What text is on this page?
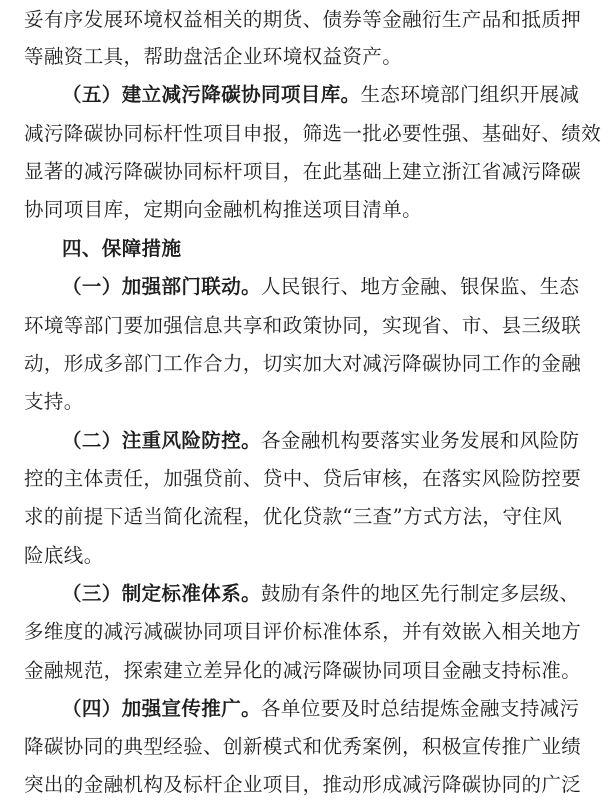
妥有序发展环境权益相关的期货、债券等金融衍生产品和抵质押
等融资工具，帮助盘活企业环境权益资产。
（五）建立减污降碳协同项目库。生态环境部门组织开展减
减污降碳协同标杆性项目申报，筛选一批必要性强、基础好、绩效
显著的减污降碳协同标杆项目，在此基础上建立浙江省减污降碳
协同项目库，定期向金融机构推送项目清单。
四、保障措施
（一）加强部门联动。人民银行、地方金融、银保监、生态
环境等部门要加强信息共享和政策协同，实现省、市、县三级联
动，形成多部门工作合力，切实加大对减污降碳协同工作的金融
支持。
（二）注重风险防控。各金融机构要落实业务发展和风险防
控的主体责任，加强贷前、贷中、贷后审核，在落实风险防控要
求的前提下适当简化流程，优化贷款“三查”方式方法，守住风
险底线。
（三）制定标准体系。鼓励有条件的地区先行制定多层级、
多维度的减污减碳协同项目评价标准体系，并有效嵌入相关地方
金融规范，探索建立差异化的减污降碳协同项目金融支持标准。
（四）加强宣传推广。各单位要及时总结提炼金融支持减污
降碳协同的典型经验、创新模式和优秀案例，积极宣传推广业绩
突出的金融机构及标杆企业项目，推动形成减污降碳协同的广泛
